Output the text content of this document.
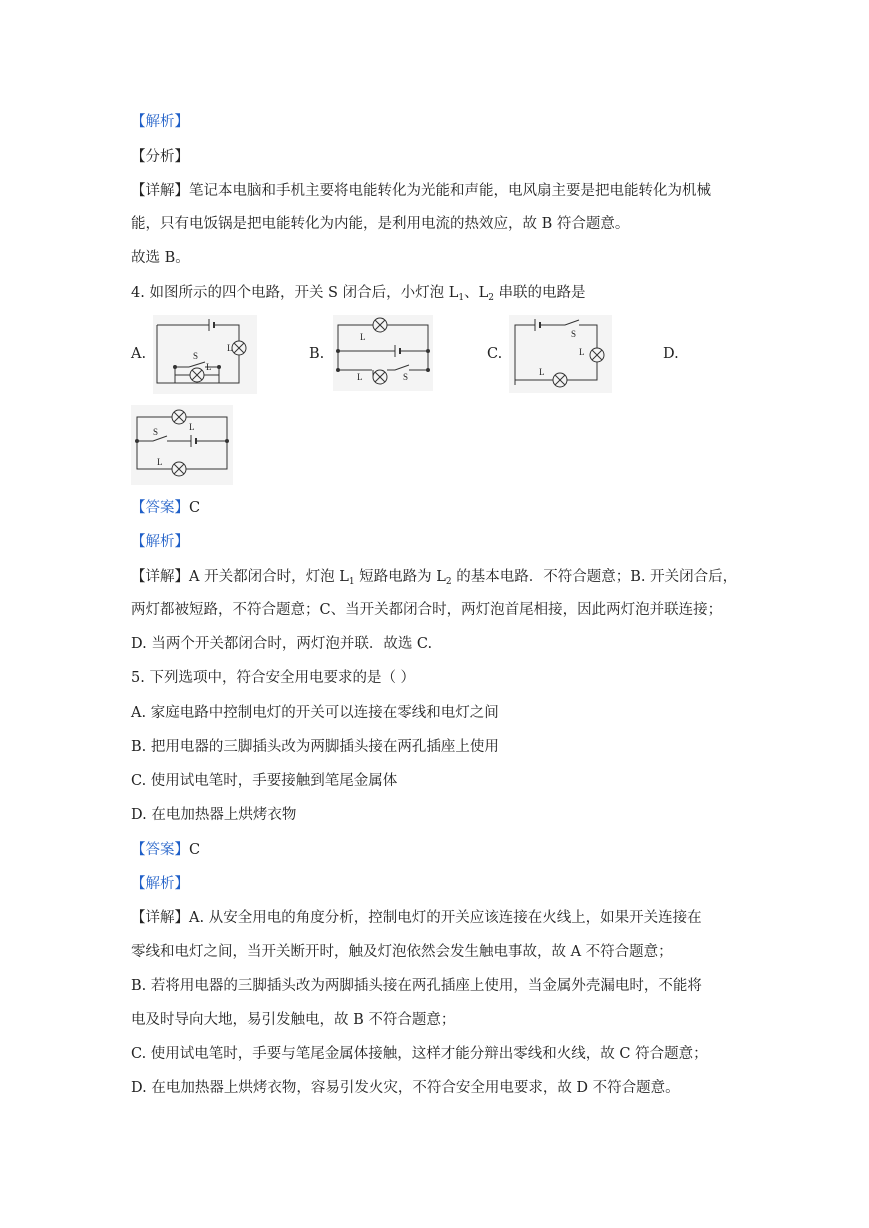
【解析】
【分析】
【详解】笔记本电脑和手机主要将电能转化为光能和声能，电风扇主要是把电能转化为机械
能，只有电饭锅是把电能转化为内能，是利用电流的热效应，故 B 符合题意。
故选 B。
4. 如图所示的四个电路，开关 S 闭合后，小灯泡 $L_1$、$L_2$ 串联的电路是
A.	B.	C.	D.
S
L
L
L
L	S
S
L
L
S	L
L
【答案】C
【解析】
【详解】A 开关都闭合时，灯泡 $L_1$ 短路电路为 $L_2$ 的基本电路．不符合题意；B. 开关闭合后，
两灯都被短路，不符合题意；C、当开关都闭合时，两灯泡首尾相接，因此两灯泡并联连接；
D. 当两个开关都闭合时，两灯泡并联．故选 C.
5. 下列选项中，符合安全用电要求的是（ ）
A. 家庭电路中控制电灯的开关可以连接在零线和电灯之间
B. 把用电器的三脚插头改为两脚插头接在两孔插座上使用
C. 使用试电笔时，手要接触到笔尾金属体
D. 在电加热器上烘烤衣物
【答案】C
【解析】
【详解】A. 从安全用电的角度分析，控制电灯的开关应该连接在火线上，如果开关连接在
零线和电灯之间，当开关断开时，触及灯泡依然会发生触电事故，故 A 不符合题意；
B. 若将用电器的三脚插头改为两脚插头接在两孔插座上使用，当金属外壳漏电时，不能将
电及时导向大地，易引发触电，故 B 不符合题意；
C. 使用试电笔时，手要与笔尾金属体接触，这样才能分辩出零线和火线，故 C 符合题意；
D. 在电加热器上烘烤衣物，容易引发火灾，不符合安全用电要求，故 D 不符合题意。
